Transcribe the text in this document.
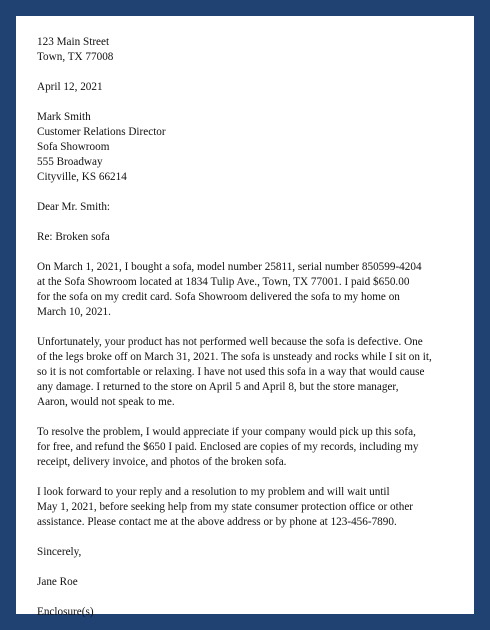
123 Main Street

Town, TX 77008

April 12, 2021

Mark Smith

Customer Relations Director

Sofa Showroom

555 Broadway

Cityville, KS 66214

Dear Mr. Smith:

Re: Broken sofa

On March 1, 2021, I bought a sofa, model number 25811, serial number 850599-4204

at the Sofa Showroom located at 1834 Tulip Ave., Town, TX 77001. I paid $650.00

for the sofa on my credit card. Sofa Showroom delivered the sofa to my home on

March 10, 2021.

Unfortunately, your product has not performed well because the sofa is defective. One

of the legs broke off on March 31, 2021. The sofa is unsteady and rocks while I sit on it,

so it is not comfortable or relaxing. I have not used this sofa in a way that would cause

any damage. I returned to the store on April 5 and April 8, but the store manager,

Aaron, would not speak to me.

To resolve the problem, I would appreciate if your company would pick up this sofa,

for free, and refund the $650 I paid. Enclosed are copies of my records, including my

receipt, delivery invoice, and photos of the broken sofa.

I look forward to your reply and a resolution to my problem and will wait until

May 1, 2021, before seeking help from my state consumer protection office or other

assistance. Please contact me at the above address or by phone at 123-456-7890.

Sincerely,

Jane Roe

Enclosure(s)
